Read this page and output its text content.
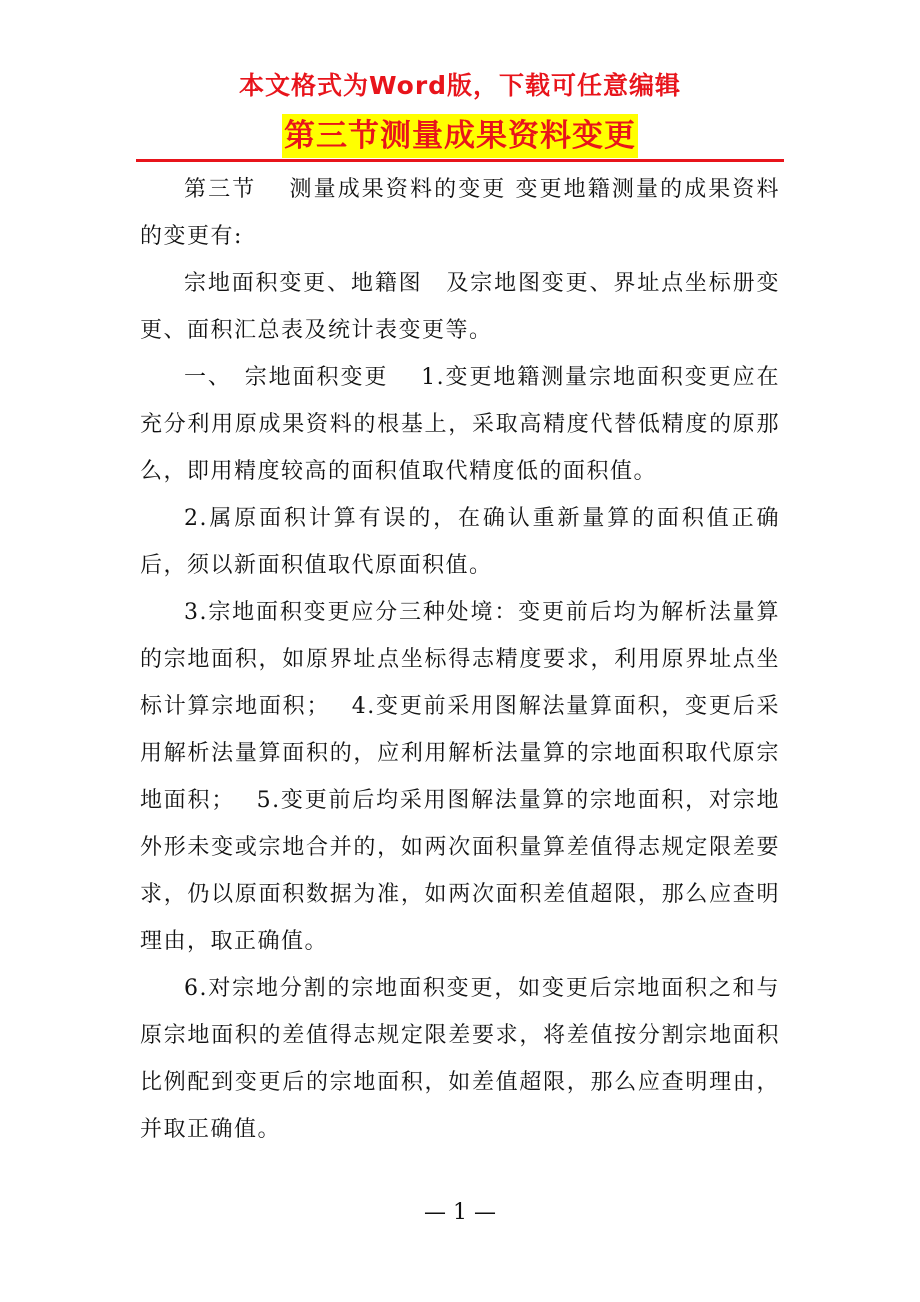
本文格式为Word版，下载可任意编辑
第三节测量成果资料变更

第三节　 测量成果资料的变更 变更地籍测量的成果资料的变更有:

宗地面积变更、地籍图　及宗地图变更、界址点坐标册变更、面积汇总表及统计表变更等。

一、　宗地面积变更　 1.变更地籍测量宗地面积变更应在充分利用原成果资料的根基上，采取高精度代替低精度的原那么，即用精度较高的面积值取代精度低的面积值。

2.属原面积计算有误的，在确认重新量算的面积值正确后，须以新面积值取代原面积值。

3.宗地面积变更应分三种处境：变更前后均为解析法量算的宗地面积，如原界址点坐标得志精度要求，利用原界址点坐标计算宗地面积；　 4.变更前采用图解法量算面积，变更后采用解析法量算面积的，应利用解析法量算的宗地面积取代原宗地面积；　 5.变更前后均采用图解法量算的宗地面积，对宗地外形未变或宗地合并的，如两次面积量算差值得志规定限差要求，仍以原面积数据为准，如两次面积差值超限，那么应查明理由，取正确值。

6.对宗地分割的宗地面积变更，如变更后宗地面积之和与原宗地面积的差值得志规定限差要求，将差值按分割宗地面积比例配到变更后的宗地面积，如差值超限，那么应查明理由，并取正确值。

— 1 —
